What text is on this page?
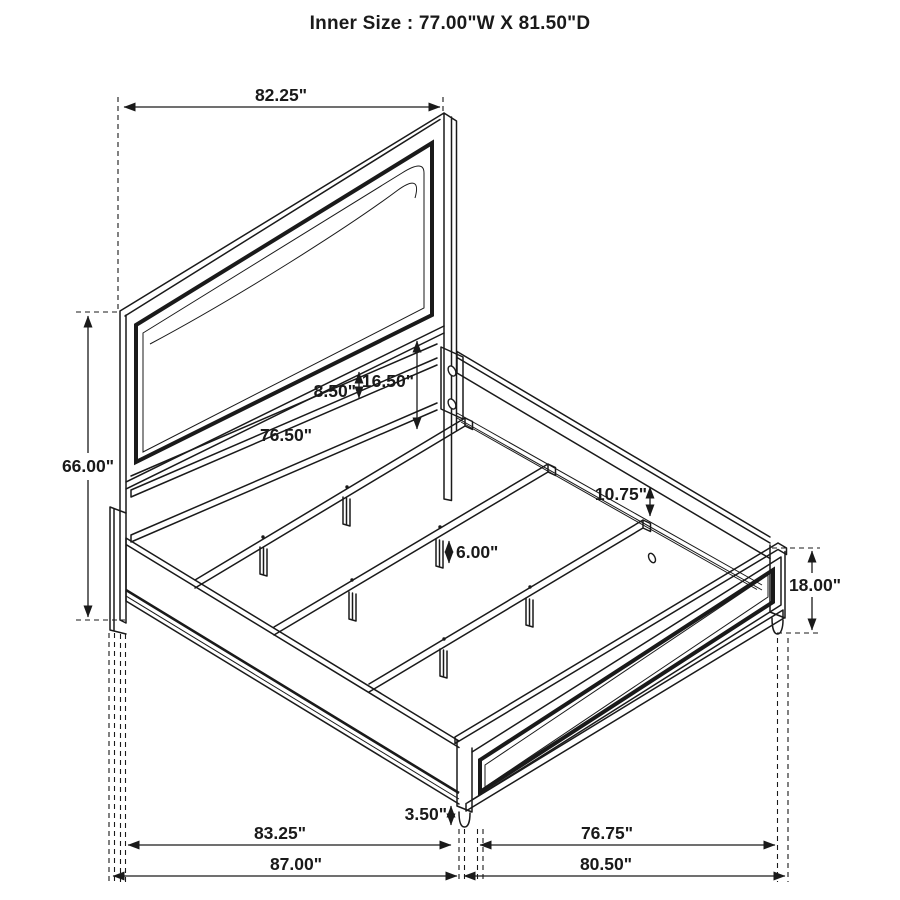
Inner Size : 77.00"W X 81.50"D
82.25"
66.00"
8.50" 16.50"
76.50"
10.75"
6.00"
18.00"
3.50"
83.25"	76.75"
87.00"	80.50"
